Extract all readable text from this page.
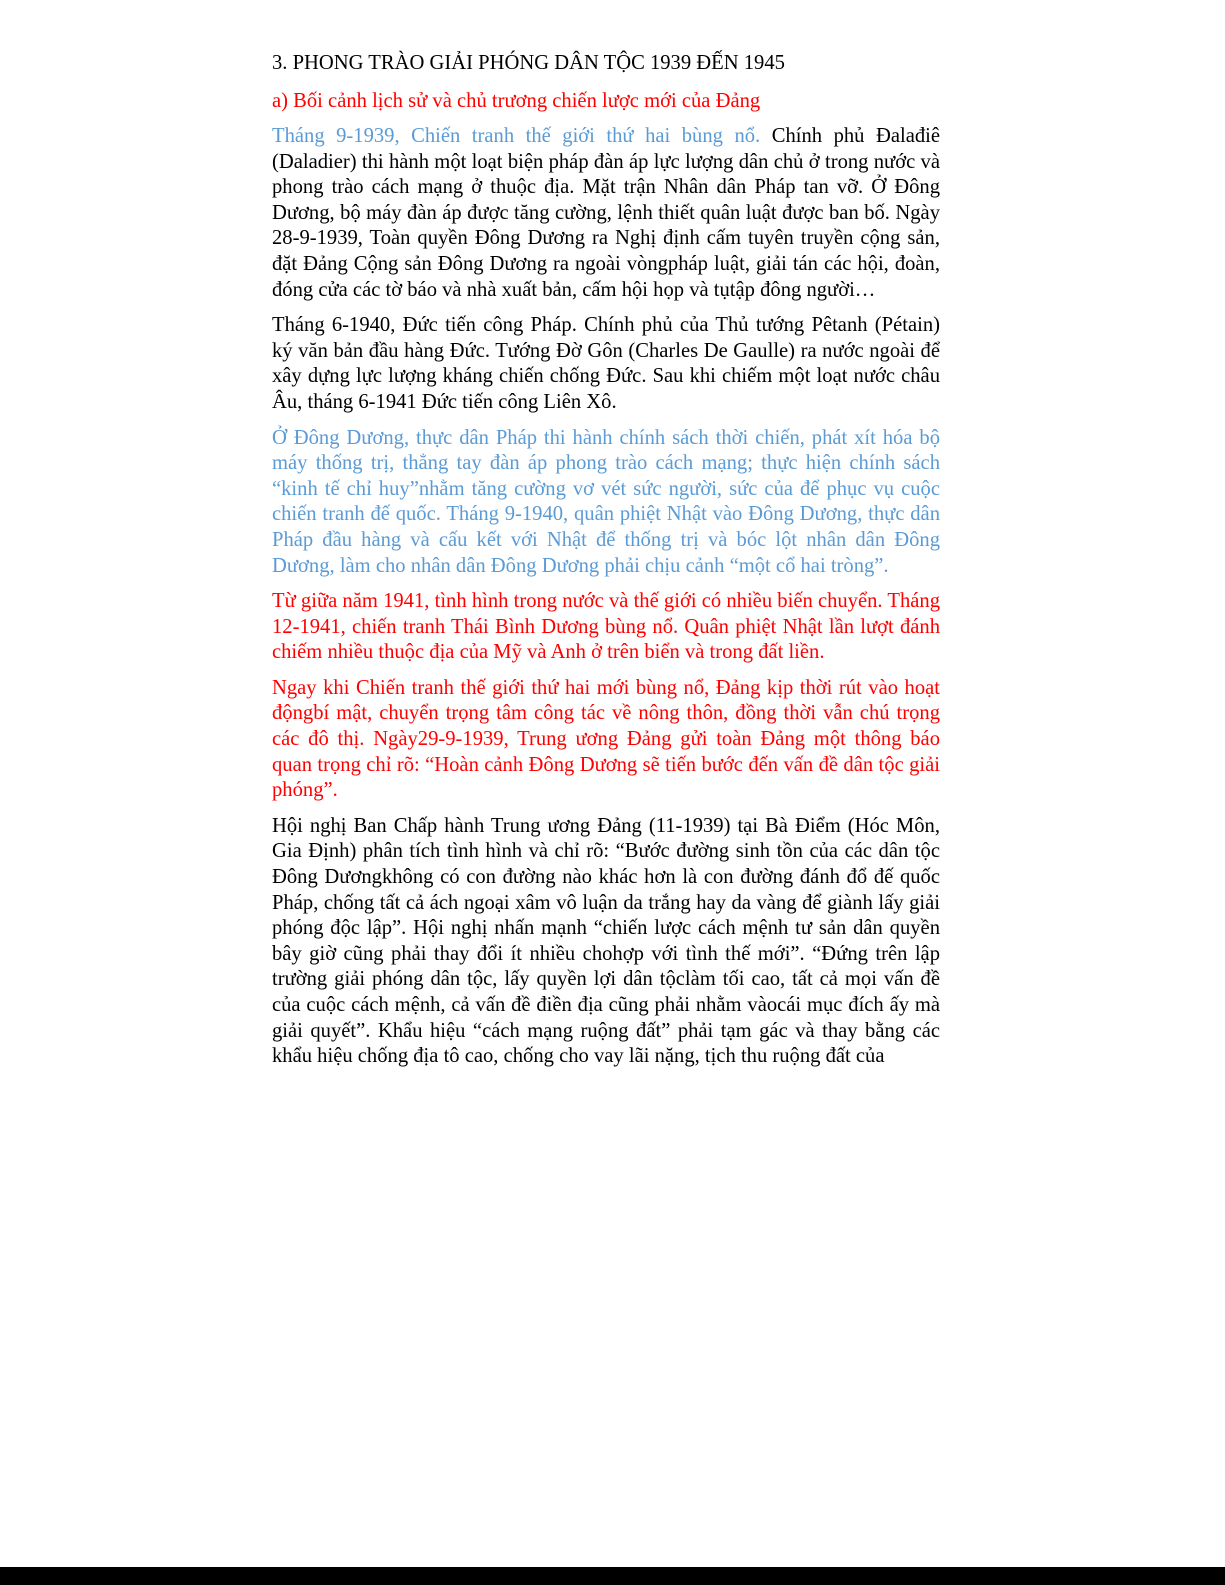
3. PHONG TRÀO GIẢI PHÓNG DÂN TỘC 1939 ĐẾN 1945
a) Bối cảnh lịch sử và chủ trương chiến lược mới của Đảng

Tháng 9-1939, Chiến tranh thế giới thứ hai bùng nổ. Chính phủ Đalađiê (Daladier) thi hành một loạt biện pháp đàn áp lực lượng dân chủ ở trong nước và phong trào cách mạng ở thuộc địa. Mặt trận Nhân dân Pháp tan vỡ. Ở Đông Dương, bộ máy đàn áp được tăng cường, lệnh thiết quân luật được ban bố. Ngày 28-9-1939, Toàn quyền Đông Dương ra Nghị định cấm tuyên truyền cộng sản, đặt Đảng Cộng sản Đông Dương ra ngoài vòngpháp luật, giải tán các hội, đoàn, đóng cửa các tờ báo và nhà xuất bản, cấm hội họp và tụtập đông người…

Tháng 6-1940, Đức tiến công Pháp. Chính phủ của Thủ tướng Pêtanh (Pétain) ký văn bản đầu hàng Đức. Tướng Đờ Gôn (Charles De Gaulle) ra nước ngoài để xây dựng lực lượng kháng chiến chống Đức. Sau khi chiếm một loạt nước châu Âu, tháng 6-1941 Đức tiến công Liên Xô.

Ở Đông Dương, thực dân Pháp thi hành chính sách thời chiến, phát xít hóa bộ máy thống trị, thẳng tay đàn áp phong trào cách mạng; thực hiện chính sách “kinh tế chỉ huy”nhằm tăng cường vơ vét sức người, sức của để phục vụ cuộc chiến tranh đế quốc. Tháng 9-1940, quân phiệt Nhật vào Đông Dương, thực dân Pháp đầu hàng và cấu kết với Nhật để thống trị và bóc lột nhân dân Đông Dương, làm cho nhân dân Đông Dương phải chịu cảnh “một cổ hai tròng”.

Từ giữa năm 1941, tình hình trong nước và thế giới có nhiều biến chuyển. Tháng 12-1941, chiến tranh Thái Bình Dương bùng nổ. Quân phiệt Nhật lần lượt đánh chiếm nhiều thuộc địa của Mỹ và Anh ở trên biển và trong đất liền.

Ngay khi Chiến tranh thế giới thứ hai mới bùng nổ, Đảng kịp thời rút vào hoạt độngbí mật, chuyển trọng tâm công tác về nông thôn, đồng thời vẫn chú trọng các đô thị. Ngày29-9-1939, Trung ương Đảng gửi toàn Đảng một thông báo quan trọng chỉ rõ: “Hoàn cảnh Đông Dương sẽ tiến bước đến vấn đề dân tộc giải phóng”.

Hội nghị Ban Chấp hành Trung ương Đảng (11-1939) tại Bà Điểm (Hóc Môn, Gia Định) phân tích tình hình và chỉ rõ: “Bước đường sinh tồn của các dân tộc Đông Dươngkhông có con đường nào khác hơn là con đường đánh đổ đế quốc Pháp, chống tất cả ách ngoại xâm vô luận da trắng hay da vàng để giành lấy giải phóng độc lập”. Hội nghị nhấn mạnh “chiến lược cách mệnh tư sản dân quyền bây giờ cũng phải thay đổi ít nhiều chohợp với tình thế mới”. “Đứng trên lập trường giải phóng dân tộc, lấy quyền lợi dân tộclàm tối cao, tất cả mọi vấn đề của cuộc cách mệnh, cả vấn đề điền địa cũng phải nhằm vàocái mục đích ấy mà giải quyết”. Khẩu hiệu “cách mạng ruộng đất” phải tạm gác và thay bằng các khẩu hiệu chống địa tô cao, chống cho vay lãi nặng, tịch thu ruộng đất của
